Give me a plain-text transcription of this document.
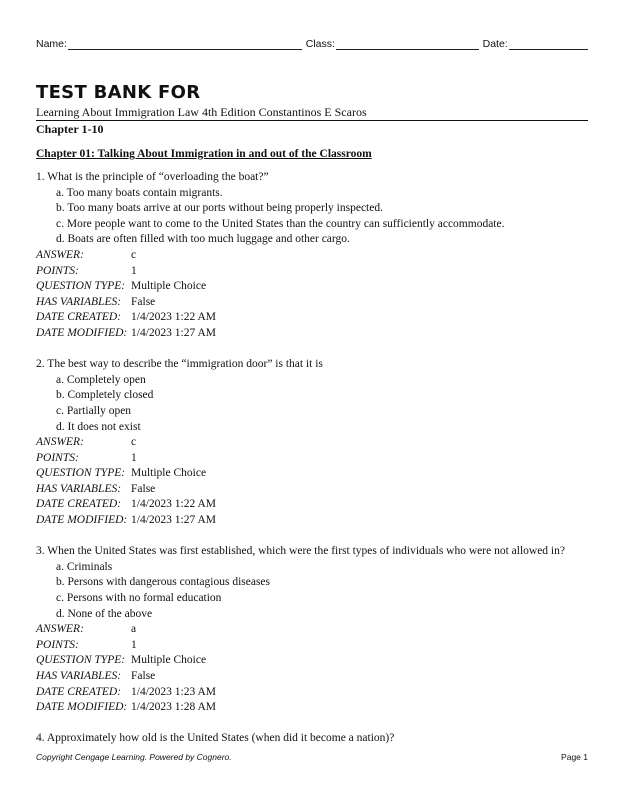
Name:	Class:	Date:
TEST BANK FOR
Learning About Immigration Law 4th Edition Constantinos E Scaros
Chapter 1-10
Chapter 01: Talking About Immigration in and out of the Classroom
1. What is the principle of “overloading the boat?”
a. Too many boats contain migrants.
b. Too many boats arrive at our ports without being properly inspected.
c. More people want to come to the United States than the country can sufficiently accommodate.
d. Boats are often filled with too much luggage and other cargo.
ANSWER:	c
POINTS:	1
QUESTION TYPE: Multiple Choice
HAS VARIABLES: False
DATE CREATED: 1/4/2023 1:22 AM
DATE MODIFIED: 1/4/2023 1:27 AM
2. The best way to describe the “immigration door” is that it is
a. Completely open
b. Completely closed
c. Partially open
d. It does not exist
ANSWER:	c
POINTS:	1
QUESTION TYPE: Multiple Choice
HAS VARIABLES: False
DATE CREATED: 1/4/2023 1:22 AM
DATE MODIFIED: 1/4/2023 1:27 AM
3. When the United States was first established, which were the first types of individuals who were not allowed in?
a. Criminals
b. Persons with dangerous contagious diseases
c. Persons with no formal education
d. None of the above
ANSWER:	a
POINTS:	1
QUESTION TYPE: Multiple Choice
HAS VARIABLES: False
DATE CREATED: 1/4/2023 1:23 AM
DATE MODIFIED: 1/4/2023 1:28 AM
4. Approximately how old is the United States (when did it become a nation)?
Copyright Cengage Learning. Powered by Cognero.	Page 1
